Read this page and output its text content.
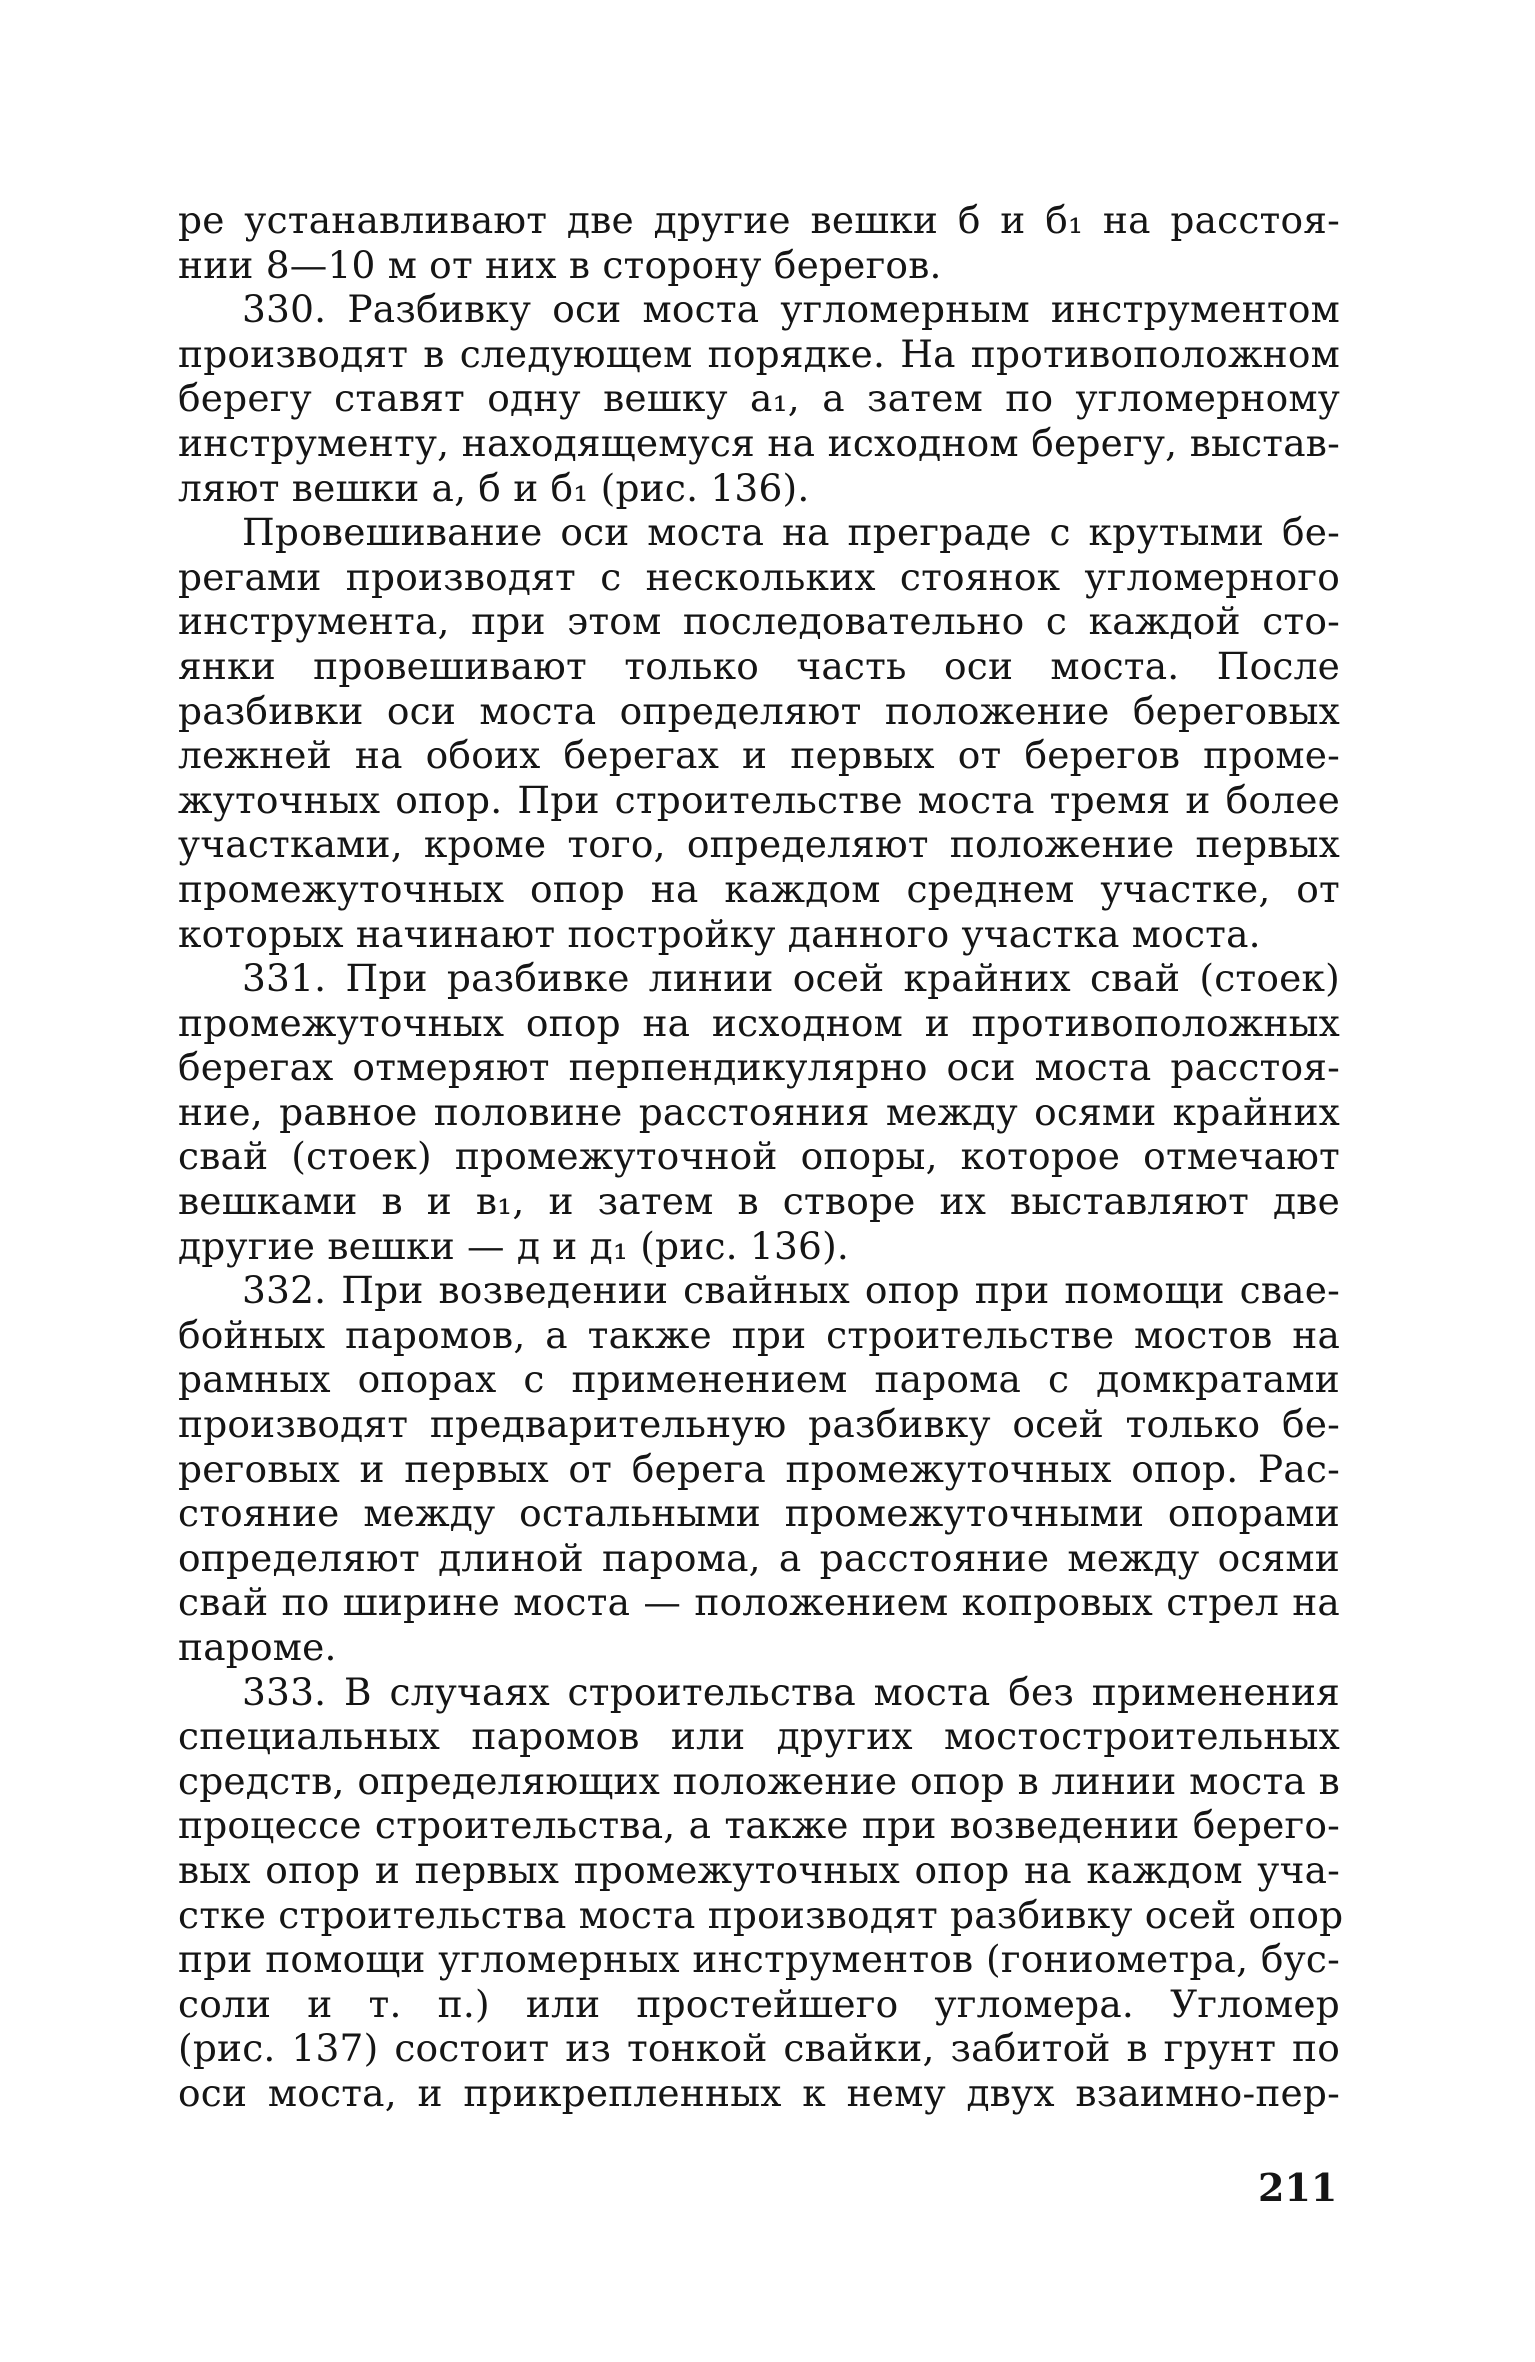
ре устанавливают две другие вешки б и б₁ на расстоя-
нии 8—10 м от них в сторону берегов.
330. Разбивку оси моста угломерным инструментом
производят в следующем порядке. На противоположном
берегу ставят одну вешку a₁, а затем по угломерному
инструменту, находящемуся на исходном берегу, выстав-
ляют вешки а, б и б₁ (рис. 136).
Провешивание оси моста на преграде с крутыми бе-
регами производят с нескольких стоянок угломерного
инструмента, при этом последовательно с каждой сто-
янки провешивают только часть оси моста. После
разбивки оси моста определяют положение береговых
лежней на обоих берегах и первых от берегов проме-
жуточных опор. При строительстве моста тремя и более
участками, кроме того, определяют положение первых
промежуточных опор на каждом среднем участке, от
которых начинают постройку данного участка моста.
331. При разбивке линии осей крайних свай (стоек)
промежуточных опор на исходном и противоположных
берегах отмеряют перпендикулярно оси моста расстоя-
ние, равное половине расстояния между осями крайних
свай (стоек) промежуточной опоры, которое отмечают
вешками в и в₁, и затем в створе их выставляют две
другие вешки — д и д₁ (рис. 136).
332. При возведении свайных опор при помощи свае-
бойных паромов, а также при строительстве мостов на
рамных опорах с применением парома с домкратами
производят предварительную разбивку осей только бе-
реговых и первых от берега промежуточных опор. Рас-
стояние между остальными промежуточными опорами
определяют длиной парома, а расстояние между осями
свай по ширине моста — положением копровых стрел на
пароме.
333. В случаях строительства моста без применения
специальных паромов или других мостостроительных
средств, определяющих положение опор в линии моста в
процессе строительства, а также при возведении берего-
вых опор и первых промежуточных опор на каждом уча-
стке строительства моста производят разбивку осей опор
при помощи угломерных инструментов (гониометра, бус-
соли и т. п.) или простейшего угломера. Угломер
(рис. 137) состоит из тонкой свайки, забитой в грунт по
оси моста, и прикрепленных к нему двух взаимно-пер-
211
